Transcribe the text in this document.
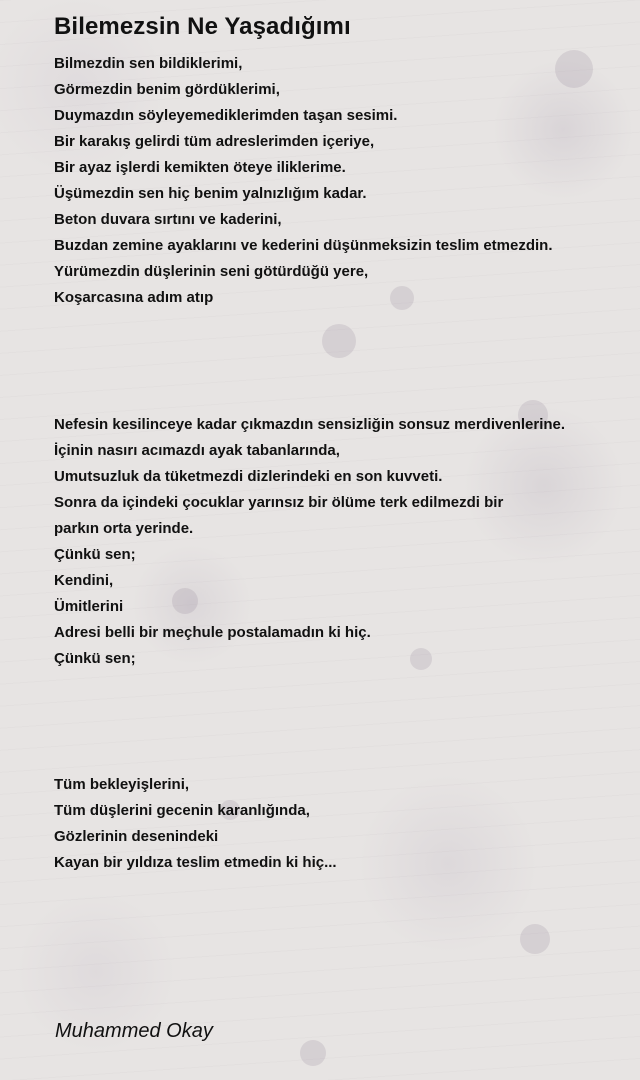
Bilemezsin Ne Yaşadığımı

Bilmezdin sen bildiklerimi,
Görmezdin benim gördüklerimi,
Duymazdın söyleyemediklerimden taşan sesimi.
Bir karakış gelirdi tüm adreslerimden içeriye,
Bir ayaz işlerdi kemikten öteye iliklerime.
Üşümezdin sen hiç benim yalnızlığım kadar.
Beton duvara sırtını ve kaderini,
Buzdan zemine ayaklarını ve kederini düşünmeksizin teslim etmezdin.
Yürümezdin düşlerinin seni götürdüğü yere,
Koşarcasına adım atıp

Nefesin kesilinceye kadar çıkmazdın sensizliğin sonsuz merdivenlerine.
İçinin nasırı acımazdı ayak tabanlarında,
Umutsuzluk da tüketmezdi dizlerindeki en son kuvveti.
Sonra da içindeki çocuklar yarınsız bir ölüme terk edilmezdi bir
parkın orta yerinde.
Çünkü sen;
Kendini,
Ümitlerini
Adresi belli bir meçhule postalamadın ki hiç.
Çünkü sen;

Tüm bekleyişlerini,
Tüm düşlerini gecenin karanlığında,
Gözlerinin desenindeki
Kayan bir yıldıza teslim etmedin ki hiç...

Muhammed Okay
